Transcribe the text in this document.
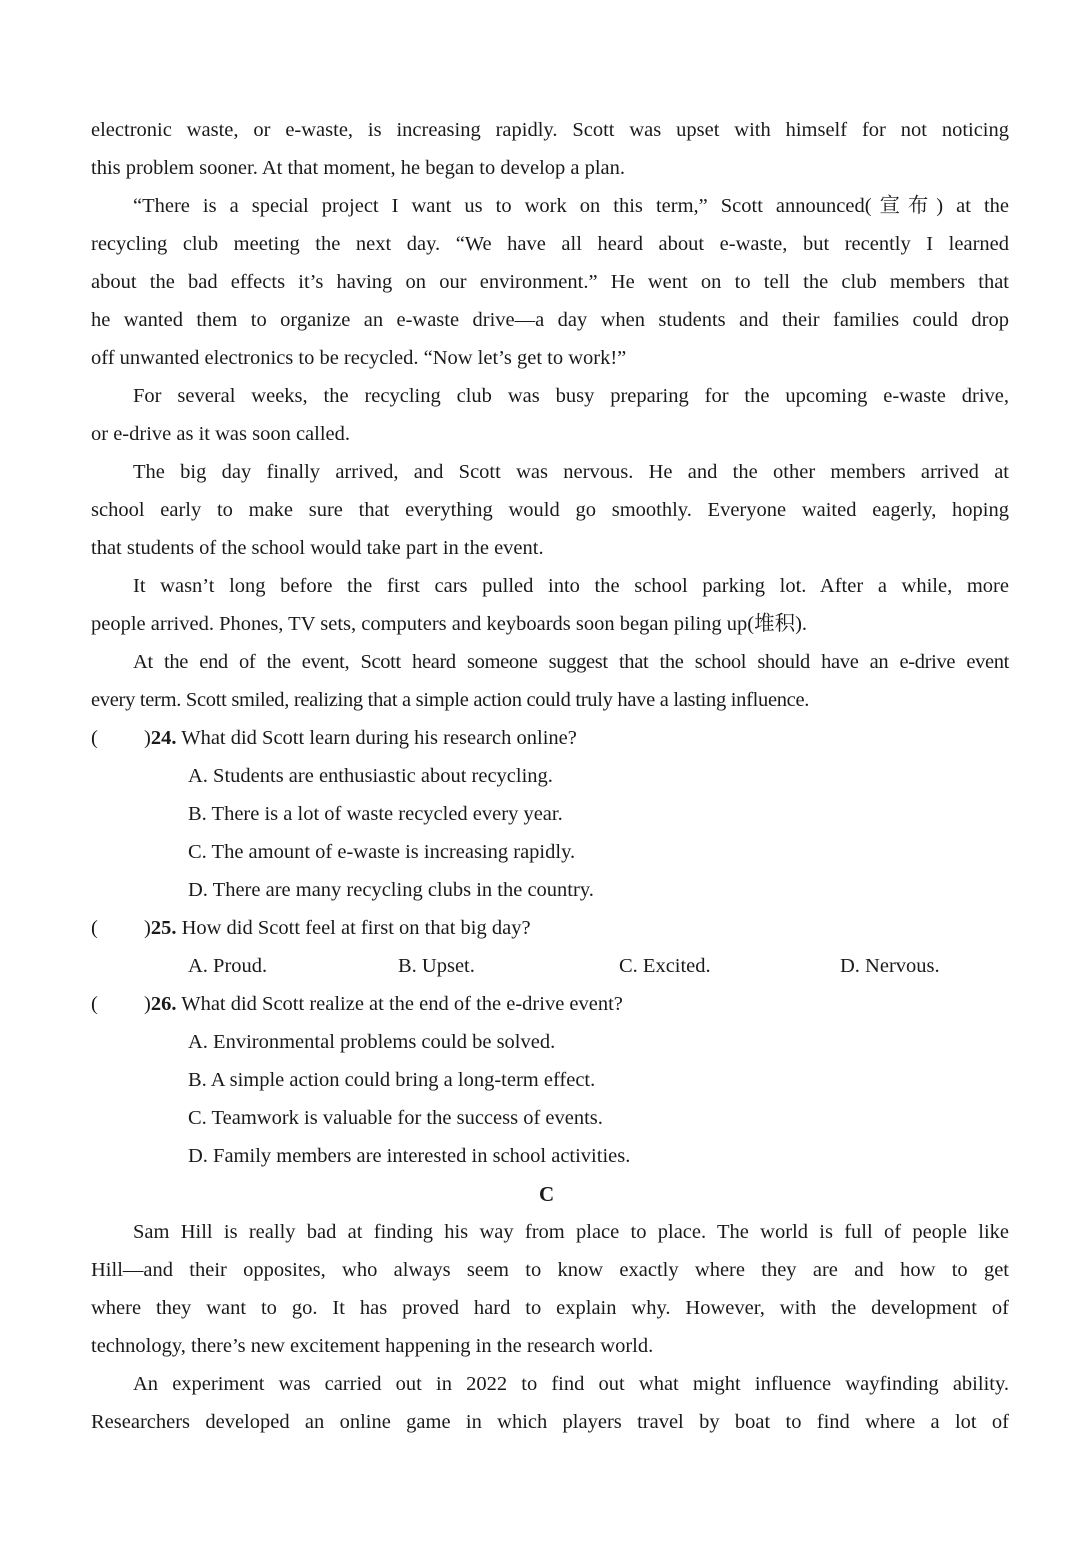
electronic waste, or e-waste, is increasing rapidly. Scott was upset with himself for not noticing
this problem sooner. At that moment, he began to develop a plan.
“There is a special project I want us to work on this term,” Scott announced(宣布) at the
recycling club meeting the next day. “We have all heard about e-waste, but recently I learned
about the bad effects it’s having on our environment.” He went on to tell the club members that
he wanted them to organize an e-waste drive—a day when students and their families could drop
off unwanted electronics to be recycled. “Now let’s get to work!”
For several weeks, the recycling club was busy preparing for the upcoming e-waste drive,
or e-drive as it was soon called.
The big day finally arrived, and Scott was nervous. He and the other members arrived at
school early to make sure that everything would go smoothly. Everyone waited eagerly, hoping
that students of the school would take part in the event.
It wasn’t long before the first cars pulled into the school parking lot. After a while, more
people arrived. Phones, TV sets, computers and keyboards soon began piling up(堆积).
At the end of the event, Scott heard someone suggest that the school should have an e-drive event
every term. Scott smiled, realizing that a simple action could truly have a lasting influence.
( )24. What did Scott learn during his research online?
A. Students are enthusiastic about recycling.
B. There is a lot of waste recycled every year.
C. The amount of e-waste is increasing rapidly.
D. There are many recycling clubs in the country.
( )25. How did Scott feel at first on that big day?
A. Proud.	B. Upset.	C. Excited.	D. Nervous.
( )26. What did Scott realize at the end of the e-drive event?
A. Environmental problems could be solved.
B. A simple action could bring a long-term effect.
C. Teamwork is valuable for the success of events.
D. Family members are interested in school activities.
C
Sam Hill is really bad at finding his way from place to place. The world is full of people like
Hill—and their opposites, who always seem to know exactly where they are and how to get
where they want to go. It has proved hard to explain why. However, with the development of
technology, there’s new excitement happening in the research world.
An experiment was carried out in 2022 to find out what might influence wayfinding ability.
Researchers developed an online game in which players travel by boat to find where a lot of
